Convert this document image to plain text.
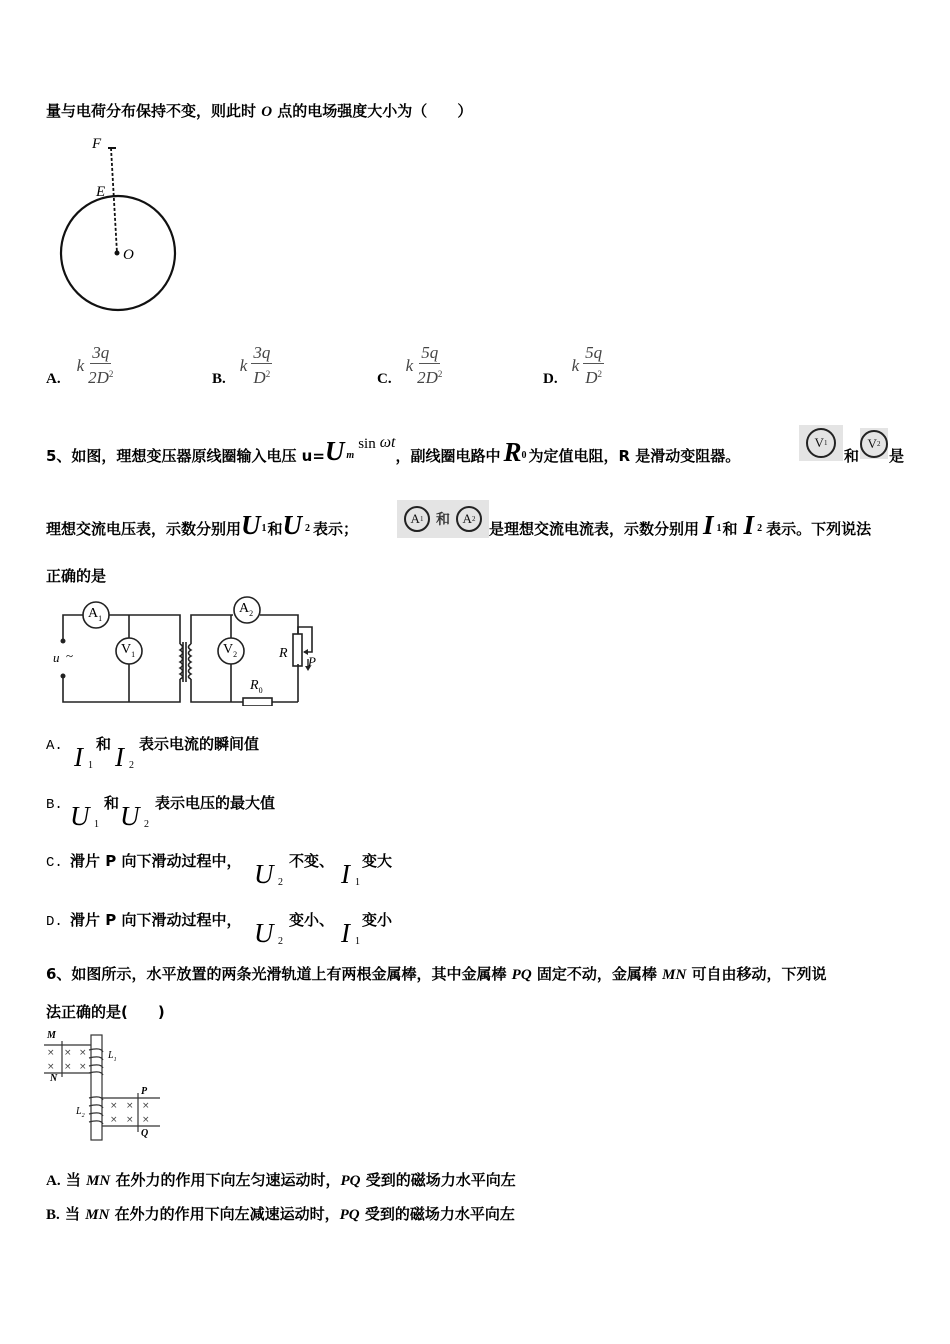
量与电荷分布保持不变，则此时 O 点的电场强度大小为（　　 ）
F
E
O
A.
k $\frac{3q}{2D^2}$	B.
k $\frac{3q}{D^2}$	C.
k $\frac{5q}{2D^2}$	D.
k $\frac{5q}{D^2}$
5、如图，理想变压器原线圈输入电压 u= U m
sin ωt
，副线圈电路中 R 0 为定值电阻，R 是滑动变阻器。
V 1
和
V 2
是
理想交流电压表，示数分别用 U 1 和 U 2 表示；
A 1 和 A 2
是理想交流电流表，示数分别用 I 1 和 I 2 表示。下列说法
正确的是
u ~
$A_1$
$V_1$	$V_2$
$A_2$
R
P
$R_0$
A. I 1
和 I 2
表示电流的瞬间值
B. U 1
和 U 2
表示电压的最大值
C. 滑片 P 向下滑动过程中， U 2
不变、 I 1
变大
D. 滑片 P 向下滑动过程中， U 2
变小、 I 1
变小
6、如图所示，水平放置的两条光滑轨道上有两根金属棒，其中金属棒 PQ 固定不动，金属棒 MN 可自由移动，下列说
法正确的是(　　 )
M
N
P
Q
$L_1$
$L_2$
× × ×
× × ×
× × ×
× × ×
A. 当 MN 在外力的作用下向左匀速运动时，PQ 受到的磁场力水平向左
B. 当 MN 在外力的作用下向左减速运动时，PQ 受到的磁场力水平向左
